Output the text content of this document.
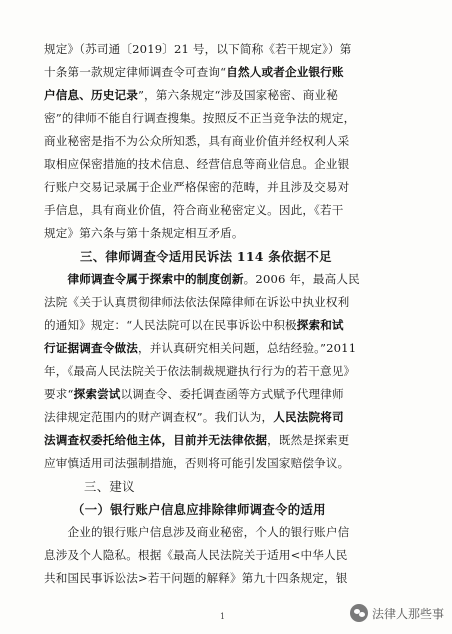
规定》（苏司通〔2019〕21 号，以下简称《若干规定》）第
十条第一款规定律师调查令可查询“自然人或者企业银行账
户信息、历史记录”，第六条规定“涉及国家秘密、商业秘
密”的律师不能自行调查搜集。按照反不正当竞争法的规定，
商业秘密是指不为公众所知悉，具有商业价值并经权利人采
取相应保密措施的技术信息、经营信息等商业信息。企业银
行账户交易记录属于企业严格保密的范畴，并且涉及交易对
手信息，具有商业价值，符合商业秘密定义。因此，《若干
规定》第六条与第十条规定相互矛盾。
三、律师调查令适用民诉法 114 条依据不足
　　律师调查令属于探索中的制度创新。2006 年，最高人民
法院《关于认真贯彻律师法依法保障律师在诉讼中执业权利
的通知》规定：“人民法院可以在民事诉讼中积极探索和试
行证据调查令做法，并认真研究相关问题，总结经验。”2011
年，《最高人民法院关于依法制裁规避执行行为的若干意见》
要求“探索尝试以调查令、委托调查函等方式赋予代理律师
法律规定范围内的财产调查权”。我们认为，人民法院将司
法调查权委托给他主体，目前并无法律依据，既然是探索更
应审慎适用司法强制措施，否则将可能引发国家赔偿争议。
三、建议
（一）银行账户信息应排除律师调查令的适用
　　企业的银行账户信息涉及商业秘密，个人的银行账户信
息涉及个人隐私。根据《最高人民法院关于适用<中华人民
共和国民事诉讼法>若干问题的解释》第九十四条规定，银
1	法律人那些事
